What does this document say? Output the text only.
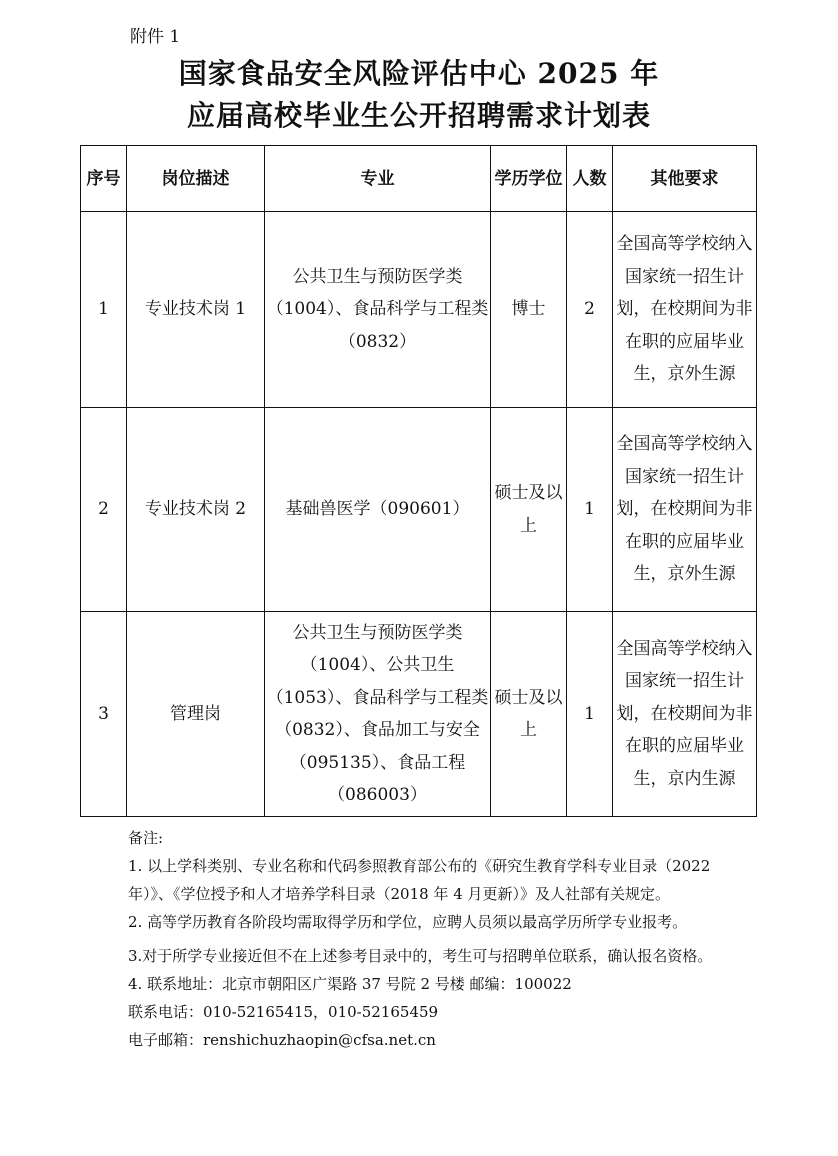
附件 1
国家食品安全风险评估中心 2025 年
应届高校毕业生公开招聘需求计划表
序号	岗位描述	专业	学历学位	人数	其他要求
1	专业技术岗 1	公共卫生与预防医学类（1004）、食品科学与工程类（0832）	博士	2	全国高等学校纳入国家统一招生计划，在校期间为非在职的应届毕业生，京外生源
2	专业技术岗 2	基础兽医学（090601）	硕士及以上	1	全国高等学校纳入国家统一招生计划，在校期间为非在职的应届毕业生，京外生源
3	管理岗	公共卫生与预防医学类（1004）、公共卫生（1053）、食品科学与工程类（0832）、食品加工与安全（095135）、食品工程（086003）	硕士及以上	1	全国高等学校纳入国家统一招生计划，在校期间为非在职的应届毕业生，京内生源

备注:

1. 以上学科类别、专业名称和代码参照教育部公布的《研究生教育学科专业目录（2022 年）》、《学位授予和人才培养学科目录（2018 年 4 月更新）》及人社部有关规定。

2. 高等学历教育各阶段均需取得学历和学位，应聘人员须以最高学历所学专业报考。

3.对于所学专业接近但不在上述参考目录中的，考生可与招聘单位联系，确认报名资格。

4. 联系地址：北京市朝阳区广渠路 37 号院 2 号楼 邮编：100022

联系电话：010-52165415，010-52165459

电子邮箱：renshichuzhaopin@cfsa.net.cn
